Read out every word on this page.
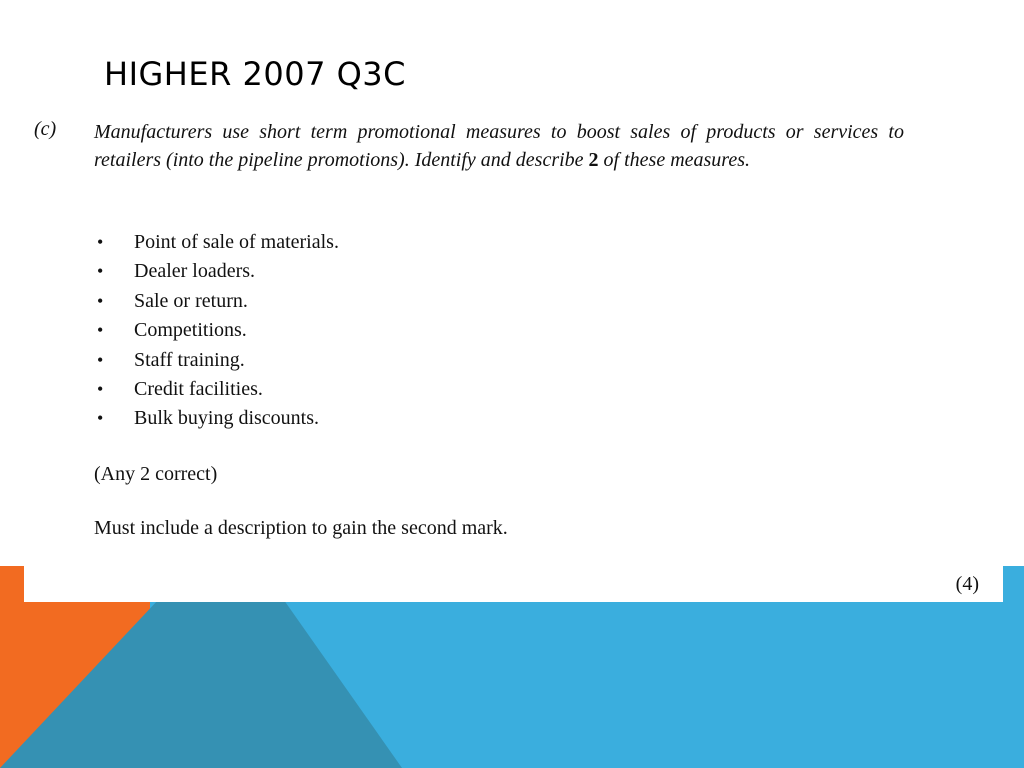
HIGHER 2007 Q3C
(c) Manufacturers use short term promotional measures to boost sales of products or services to retailers (into the pipeline promotions). Identify and describe 2 of these measures.

• Point of sale of materials.
• Dealer loaders.
• Sale or return.
• Competitions.
• Staff training.
• Credit facilities.
• Bulk buying discounts.

(Any 2 correct)

Must include a description to gain the second mark.

(4)
